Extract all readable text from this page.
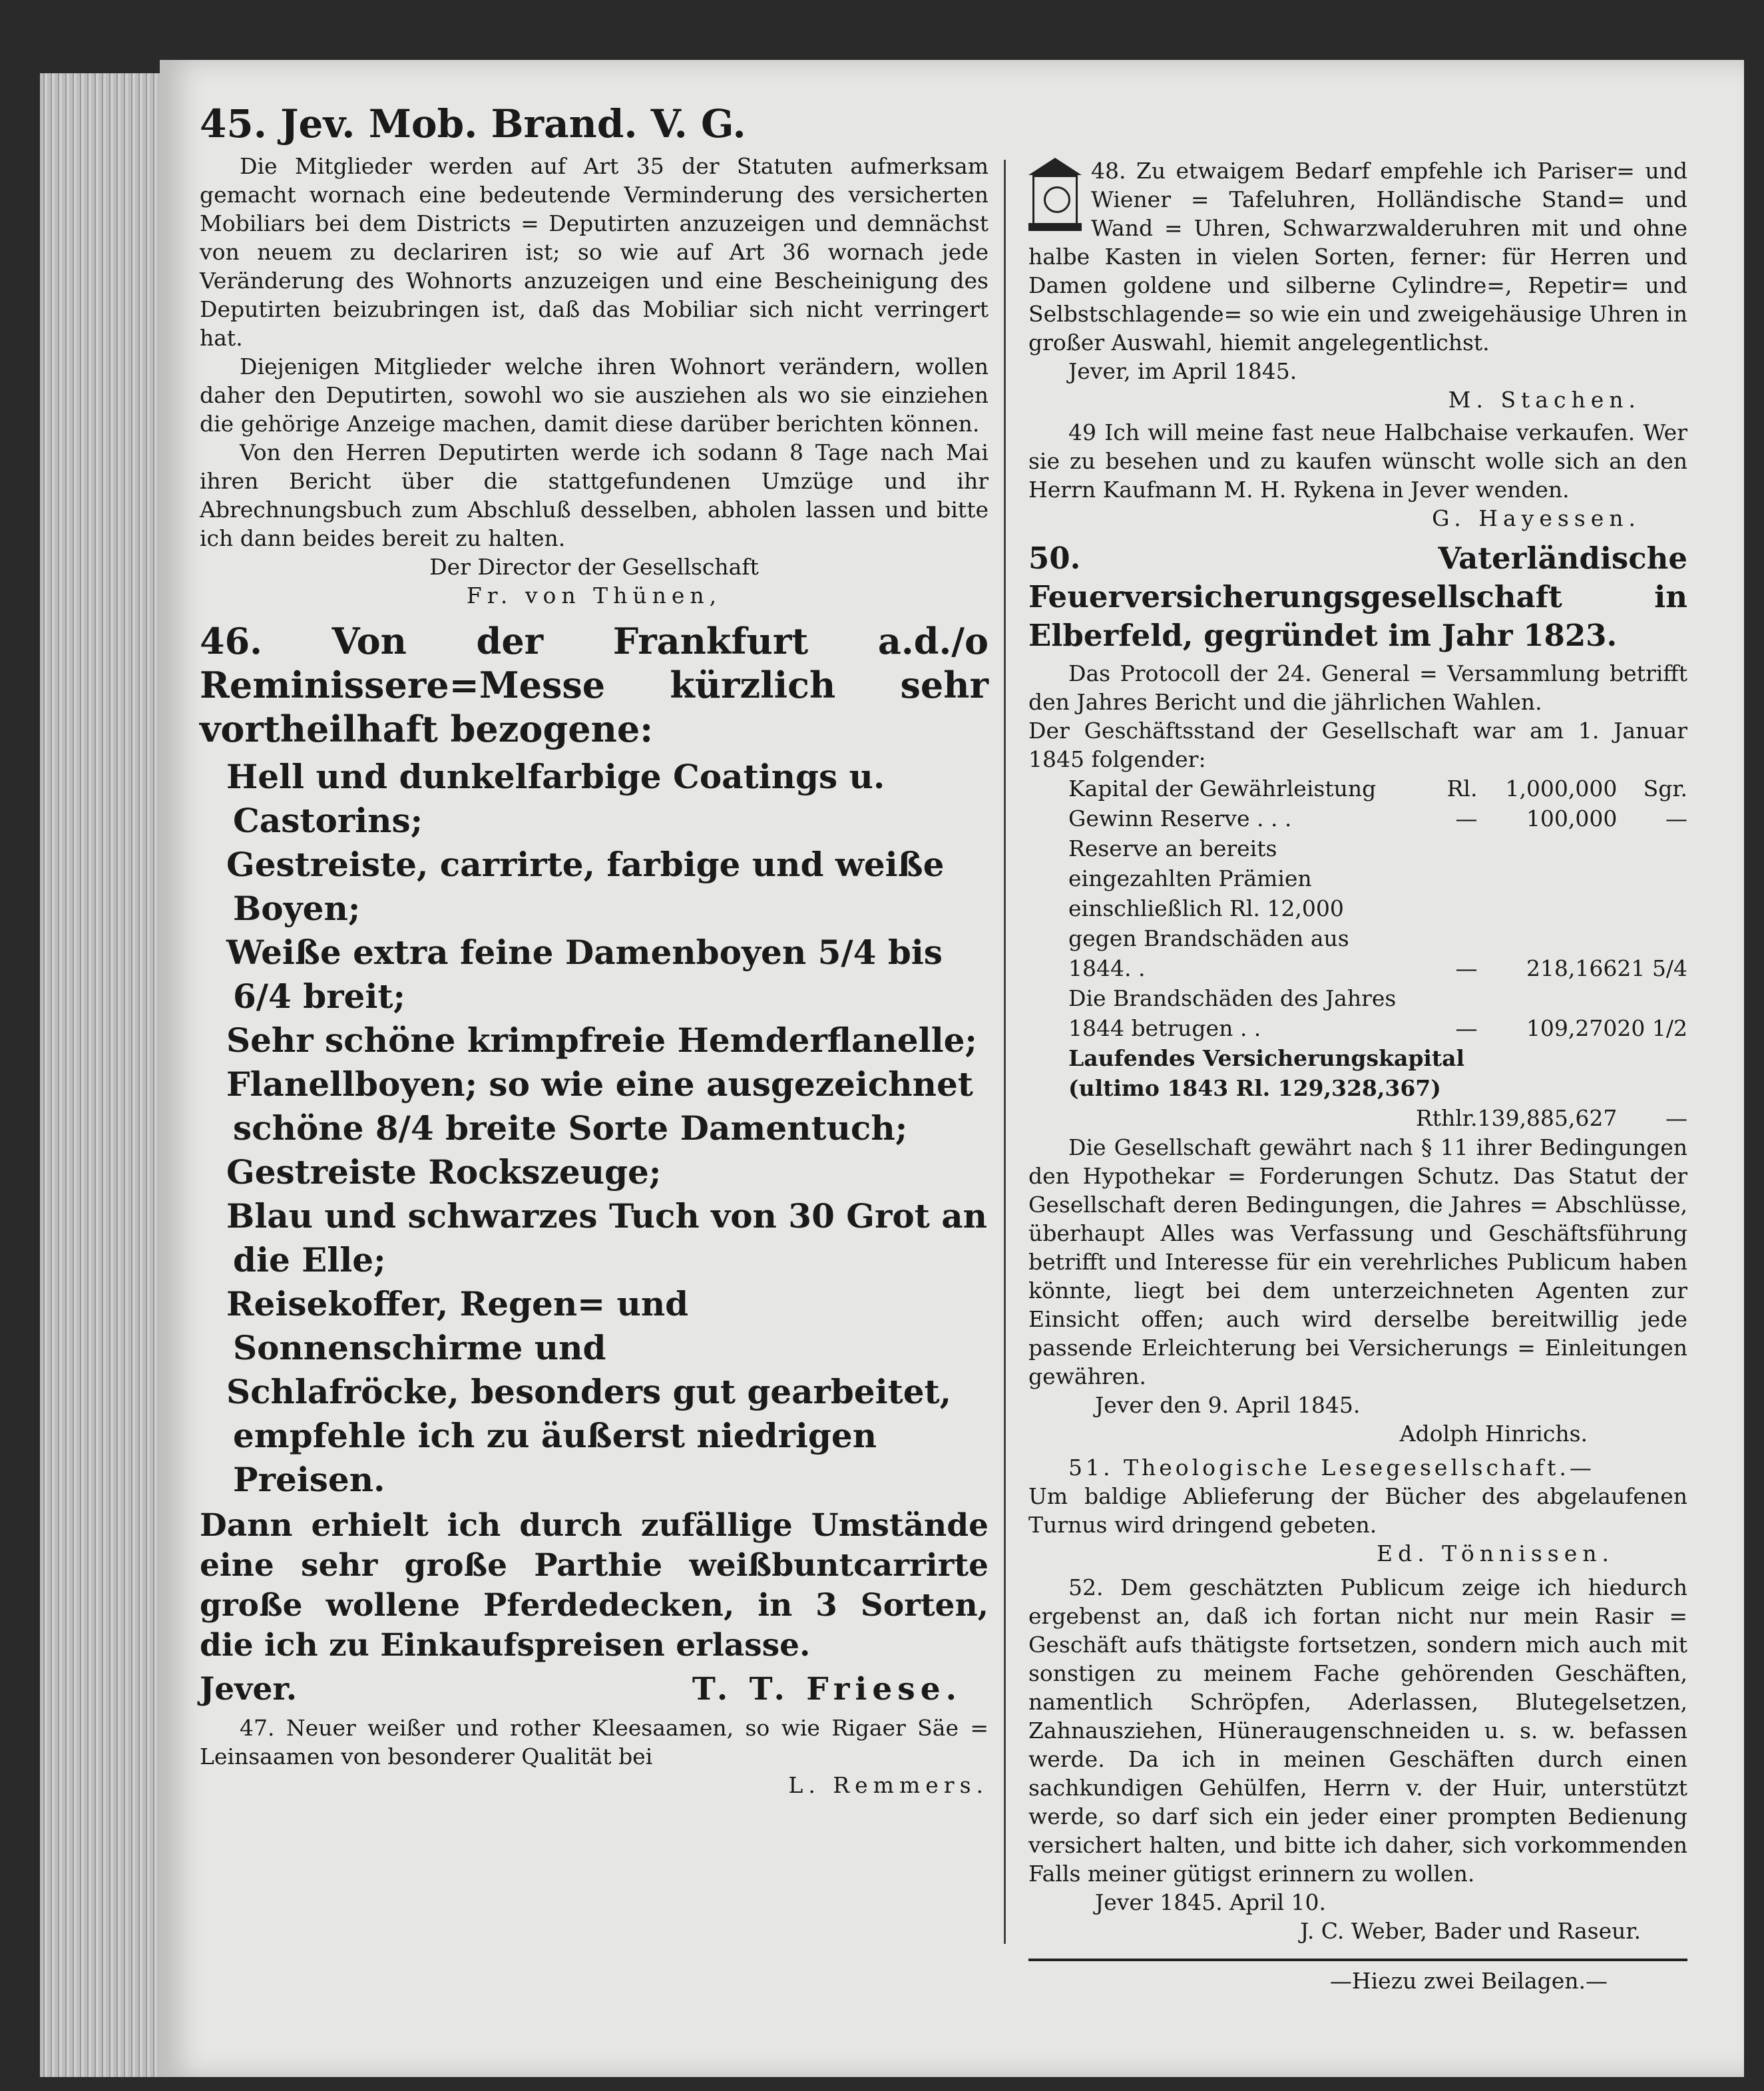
45. Jev. Mob. Brand. V. G.

Die Mitglieder werden auf Art 35 der Statuten aufmerksam gemacht wornach eine bedeutende Verminderung des versicherten Mobiliars bei dem Districts = Deputirten anzuzeigen und demnächst von neuem zu declariren ist; so wie auf Art 36 wornach jede Veränderung des Wohnorts anzuzeigen und eine Bescheinigung des Deputirten beizubringen ist, daß das Mobiliar sich nicht verringert hat.

Diejenigen Mitglieder welche ihren Wohnort verändern, wollen daher den Deputirten, sowohl wo sie ausziehen als wo sie einziehen die gehörige Anzeige machen, damit diese darüber berichten können.

Von den Herren Deputirten werde ich sodann 8 Tage nach Mai ihren Bericht über die stattgefundenen Umzüge und ihr Abrechnungsbuch zum Abschluß desselben, abholen lassen und bitte ich dann beides bereit zu halten.

Der Director der Gesellschaft

Fr. von Thünen,

46. Von der Frankfurt a.d./o Reminissere=Messe kürzlich sehr vortheilhaft bezogene:

Hell und dunkelfarbige Coatings u. Castorins;

Gestreiste, carrirte, farbige und weiße Boyen;

Weiße extra feine Damenboyen 5/4 bis 6/4 breit;

Sehr schöne krimpfreie Hemderflanelle;

Flanellboyen; so wie eine ausgezeichnet schöne 8/4 breite Sorte Damentuch;

Gestreiste Rockszeuge;

Blau und schwarzes Tuch von 30 Grot an die Elle;

Reisekoffer, Regen= und Sonnenschirme und

Schlafröcke, besonders gut gearbeitet, empfehle ich zu äußerst niedrigen Preisen.

Dann erhielt ich durch zufällige Umstände eine sehr große Parthie weißbuntcarrirte große wollene Pferdedecken, in 3 Sorten, die ich zu Einkaufspreisen erlasse.

Jever.	T. T. Friese.

47. Neuer weißer und rother Kleesaamen, so wie Rigaer Säe = Leinsaamen von besonderer Qualität bei

L. Remmers.

48. Zu etwaigem Bedarf empfehle ich Pariser= und Wiener = Tafeluhren, Holländische Stand= und Wand = Uhren, Schwarzwalderuhren mit und ohne halbe Kasten in vielen Sorten, ferner: für Herren und Damen goldene und silberne Cylindre=, Repetir= und Selbstschlagende= so wie ein und zweigehäusige Uhren in großer Auswahl, hiemit angelegentlichst.

Jever, im April 1845.

M. Stachen.

49 Ich will meine fast neue Halbchaise verkaufen. Wer sie zu besehen und zu kaufen wünscht wolle sich an den Herrn Kaufmann M. H. Rykena in Jever wenden.

G. Hayessen.

50. Vaterländische Feuerversicherungsgesellschaft in Elberfeld, gegründet im Jahr 1823.

Das Protocoll der 24. General = Versammlung betrifft den Jahres Bericht und die jährlichen Wahlen.

Der Geschäftsstand der Gesellschaft war am 1. Januar 1845 folgender:

Kapital der Gewährleistung	Rl.	1,000,000	Sgr.
Gewinn Reserve . . .	—	100,000	—
Reserve an bereits eingezahlten Prämien einschließlich Rl. 12,000 gegen Brandschäden aus 1844. .	—	218,166	21 5/4
Die Brandschäden des Jahres 1844 betrugen . .	—	109,270	20 1/2
Laufendes Versicherungskapital (ultimo 1843 Rl. 129,328,367)			
	Rthlr.	139,885,627	—

Die Gesellschaft gewährt nach § 11 ihrer Bedingungen den Hypothekar = Forderungen Schutz. Das Statut der Gesellschaft deren Bedingungen, die Jahres = Abschlüsse, überhaupt Alles was Verfassung und Geschäftsführung betrifft und Interesse für ein verehrliches Publicum haben könnte, liegt bei dem unterzeichneten Agenten zur Einsicht offen; auch wird derselbe bereitwillig jede passende Erleichterung bei Versicherungs = Einleitungen gewähren.

Jever den 9. April 1845.

Adolph Hinrichs.

51. Theologische Lesegesellschaft.—

Um baldige Ablieferung der Bücher des abgelaufenen Turnus wird dringend gebeten.

Ed. Tönnissen.

52. Dem geschätzten Publicum zeige ich hiedurch ergebenst an, daß ich fortan nicht nur mein Rasir = Geschäft aufs thätigste fortsetzen, sondern mich auch mit sonstigen zu meinem Fache gehörenden Geschäften, namentlich Schröpfen, Aderlassen, Blutegelsetzen, Zahnausziehen, Hüneraugenschneiden u. s. w. befassen werde. Da ich in meinen Geschäften durch einen sachkundigen Gehülfen, Herrn v. der Huir, unterstützt werde, so darf sich ein jeder einer prompten Bedienung versichert halten, und bitte ich daher, sich vorkommenden Falls meiner gütigst erinnern zu wollen.

Jever 1845. April 10.

J. C. Weber, Bader und Raseur.

—Hiezu zwei Beilagen.—
